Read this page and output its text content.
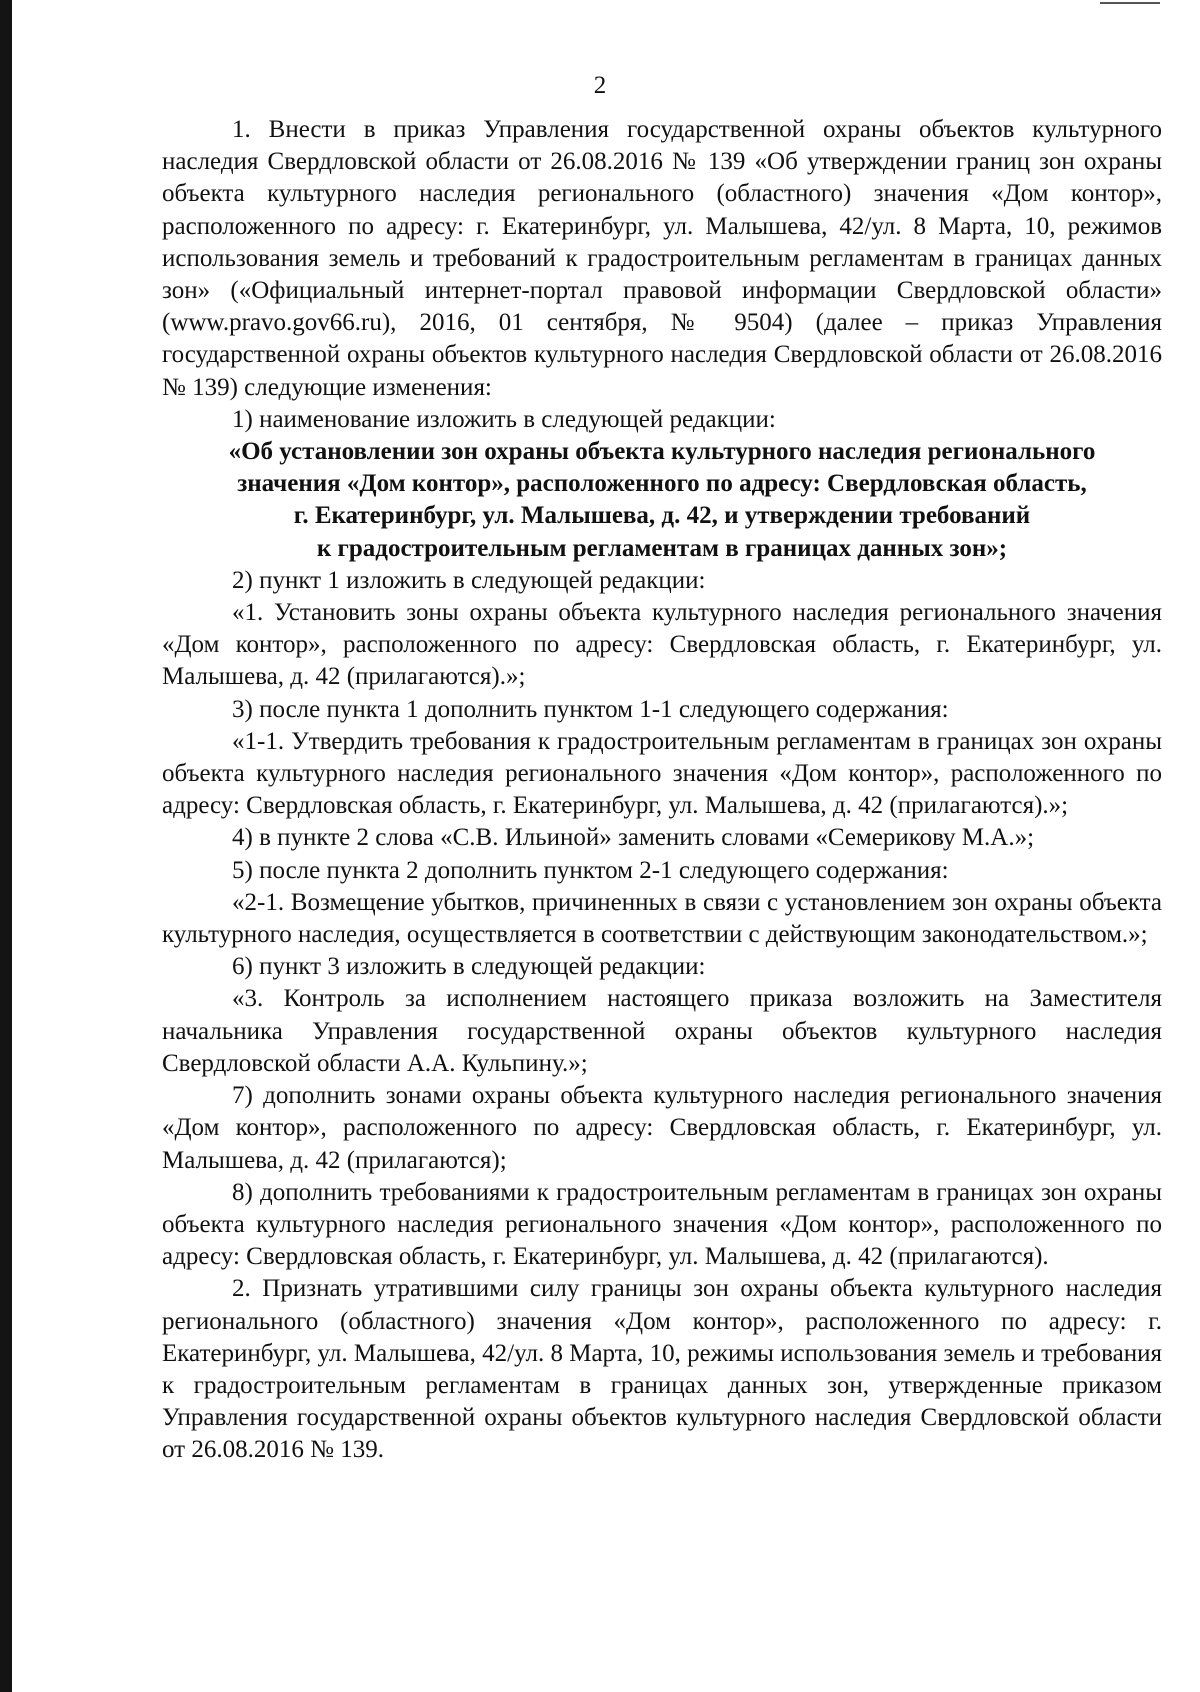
2

1. Внести в приказ Управления государственной охраны объектов культурного наследия Свердловской области от 26.08.2016 № 139 «Об утверждении границ зон охраны объекта культурного наследия регионального (областного) значения «Дом контор», расположенного по адресу: г. Екатеринбург, ул. Малышева, 42/ул. 8 Марта, 10, режимов использования земель и требований к градостроительным регламентам в границах данных зон» («Официальный интернет-портал правовой информации Свердловской области» (www.pravo.gov66.ru), 2016, 01 сентября, № 9504) (далее – приказ Управления государственной охраны объектов культурного наследия Свердловской области от 26.08.2016 № 139) следующие изменения:

1) наименование изложить в следующей редакции:

«Об установлении зон охраны объекта культурного наследия регионального
значения «Дом контор», расположенного по адресу: Свердловская область,
г. Екатеринбург, ул. Малышева, д. 42, и утверждении требований
к градостроительным регламентам в границах данных зон»;

2) пункт 1 изложить в следующей редакции:

«1. Установить зоны охраны объекта культурного наследия регионального значения «Дом контор», расположенного по адресу: Свердловская область, г. Екатеринбург, ул. Малышева, д. 42 (прилагаются).»;

3) после пункта 1 дополнить пунктом 1-1 следующего содержания:

«1-1. Утвердить требования к градостроительным регламентам в границах зон охраны объекта культурного наследия регионального значения «Дом контор», расположенного по адресу: Свердловская область, г. Екатеринбург, ул. Малышева, д. 42 (прилагаются).»;

4) в пункте 2 слова «С.В. Ильиной» заменить словами «Семерикову М.А.»;

5) после пункта 2 дополнить пунктом 2-1 следующего содержания:

«2-1. Возмещение убытков, причиненных в связи с установлением зон охраны объекта культурного наследия, осуществляется в соответствии с действующим законодательством.»;

6) пункт 3 изложить в следующей редакции:

«3. Контроль за исполнением настоящего приказа возложить на Заместителя начальника Управления государственной охраны объектов культурного наследия Свердловской области А.А. Кульпину.»;

7) дополнить зонами охраны объекта культурного наследия регионального значения «Дом контор», расположенного по адресу: Свердловская область, г. Екатеринбург, ул. Малышева, д. 42 (прилагаются);

8) дополнить требованиями к градостроительным регламентам в границах зон охраны объекта культурного наследия регионального значения «Дом контор», расположенного по адресу: Свердловская область, г. Екатеринбург, ул. Малышева, д. 42 (прилагаются).

2. Признать утратившими силу границы зон охраны объекта культурного наследия регионального (областного) значения «Дом контор», расположенного по адресу: г. Екатеринбург, ул. Малышева, 42/ул. 8 Марта, 10, режимы использования земель и требования к градостроительным регламентам в границах данных зон, утвержденные приказом Управления государственной охраны объектов культурного наследия Свердловской области от 26.08.2016 № 139.
